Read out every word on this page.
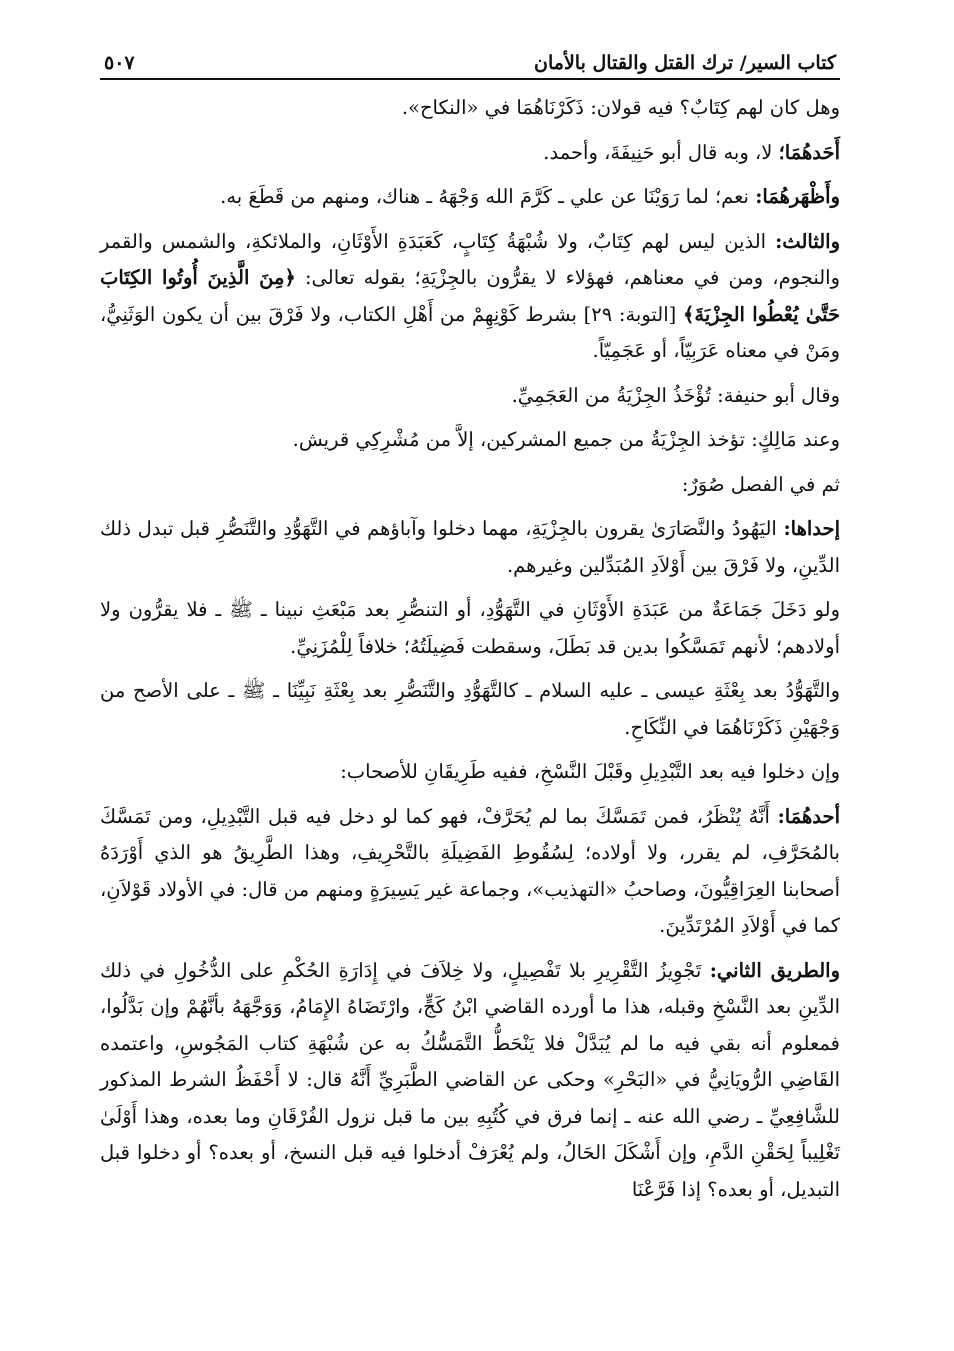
كتاب السير/ ترك القتل والقتال بالأمان
٥٠٧

وهل كان لهم كِتَابٌ؟ فيه قولان: ذَكَرْنَاهُمَا في «النكاح».

أَحَدهُمَا؛ لا، وبه قال أبو حَنِيفَةَ، وأحمد.

وأَظْهَرهُمَا: نعم؛ لما رَوَيْنَا عن علي ـ كَرَّمَ الله وَجْهَهُ ـ هناك، ومنهم من قَطَعَ به.

والثالث: الذين ليس لهم كِتَابٌ، ولا شُبْهَةُ كِتَابٍ، كَعَبَدَةِ الأَوْثَانِ، والملائكةِ، والشمس والقمر والنجوم، ومن في معناهم، فهؤلاء لا يقرُّون بالجِزْيَةِ؛ بقوله تعالى: ﴿مِنَ الَّذِينَ أُوتُوا الكِتَابَ حَتَّىٰ يُعْطُوا الجِزْيَةَ﴾ [التوبة: ٢٩] بشرط كَوْنِهِمْ من أَهْلِ الكتاب، ولا فَرْقَ بين أن يكون الوَثَنِيُّ، ومَنْ في معناه عَرَبِيّاً، أو عَجَمِيّاً.

وقال أبو حنيفة: تُؤْخَذُ الجِزْيَةُ من العَجَمِيِّ.

وعند مَالِكٍ: تؤخذ الجِزْيَةُ من جميع المشركين، إلاَّ من مُشْرِكِي قريش.

ثم في الفصل صُوَرٌ:

إحداها: اليَهُودُ والنَّصَارَىٰ يقرون بالجِزْيَةِ، مهما دخلوا وآباؤهم في التَّهَوُّدِ والتَّنَصُّرِ قبل تبدل ذلك الدِّينِ، ولا فَرْقَ بين أَوْلاَدِ المُبَدِّلين وغيرهم.

ولو دَخَلَ جَمَاعَةٌ من عَبَدَةِ الأَوْثَانِ في التَّهَوُّدِ، أو التنصُّرِ بعد مَبْعَثِ نبينا ـ ﷺ ـ فلا يقرُّون ولا أولادهم؛ لأنهم تَمَسَّكُوا بدين قد بَطَلَ، وسقطت فَضِيلَتُهُ؛ خلافاً لِلْمُزَنِيِّ.

والتَّهَوُّدُ بعد بِعْثَةِ عيسى ـ عليه السلام ـ كالتَّهَوُّدِ والتَّنَصُّرِ بعد بِعْثَةِ نَبِيِّنَا ـ ﷺ ـ على الأصح من وَجْهَيْنِ ذَكَرْنَاهُمَا في النِّكَاحِ.

وإن دخلوا فيه بعد التَّبْدِيلِ وقَبْلَ النَّسْخِ، ففيه طَرِيقَانِ للأصحاب:

أحدهُمَا: أَنَّهُ يُنْظَرُ، فمن تَمَسَّكَ بما لم يُحَرَّفْ، فهو كما لو دخل فيه قبل التَّبْدِيلِ، ومن تَمَسَّكَ بالمُحَرَّفِ، لم يقرر، ولا أولاده؛ لِسُقُوطِ الفَضِيلَةِ بالتَّحْرِيفِ، وهذا الطَّرِيقُ هو الذي أَوْرَدَهُ أصحابنا العِرَاقِيُّونَ، وصاحبُ «التهذيب»، وجماعة غير يَسِيرَةٍ ومنهم من قال: في الأولاد قَوْلاَنِ، كما في أَوْلاَدِ المُرْتَدِّينَ.

والطريق الثاني: تَجْوِيزُ التَّقْرِيرِ بلا تَفْصِيلٍ، ولا خِلاَفَ في إِدَارَةِ الحُكْمِ على الدُّخُولِ في ذلك الدِّينِ بعد النَّسْخِ وقبله، هذا ما أورده القاضي ابْنُ كَجٍّ، وارْتَضَاهُ الإِمَامُ، وَوَجَّهَهُ بأنَّهُمْ وإن بَدَّلُوا، فمعلوم أنه بقي فيه ما لم يُبَدَّلْ فلا يَنْحَطُّ التَّمَسُّكُ به عن شُبْهَةِ كتاب المَجُوسِ، واعتمده القَاضِي الرُّويَانِيُّ في «البَحْرِ» وحكى عن القاضي الطَّبَرِيِّ أَنَّهُ قال: لا أَحْفَظُ الشرط المذكور للشَّافِعِيِّ ـ رضي الله عنه ـ إنما فرق في كُتُبِهِ بين ما قبل نزول الفُرْقَانِ وما بعده، وهذا أَوْلَىٰ تَغْلِيباً لِحَقْنِ الدَّمِ، وإن أَشْكَلَ الحَالُ، ولم يُعْرَفْ أدخلوا فيه قبل النسخ، أو بعده؟ أو دخلوا قبل التبديل، أو بعده؟ إذا فَرَّعْنَا
